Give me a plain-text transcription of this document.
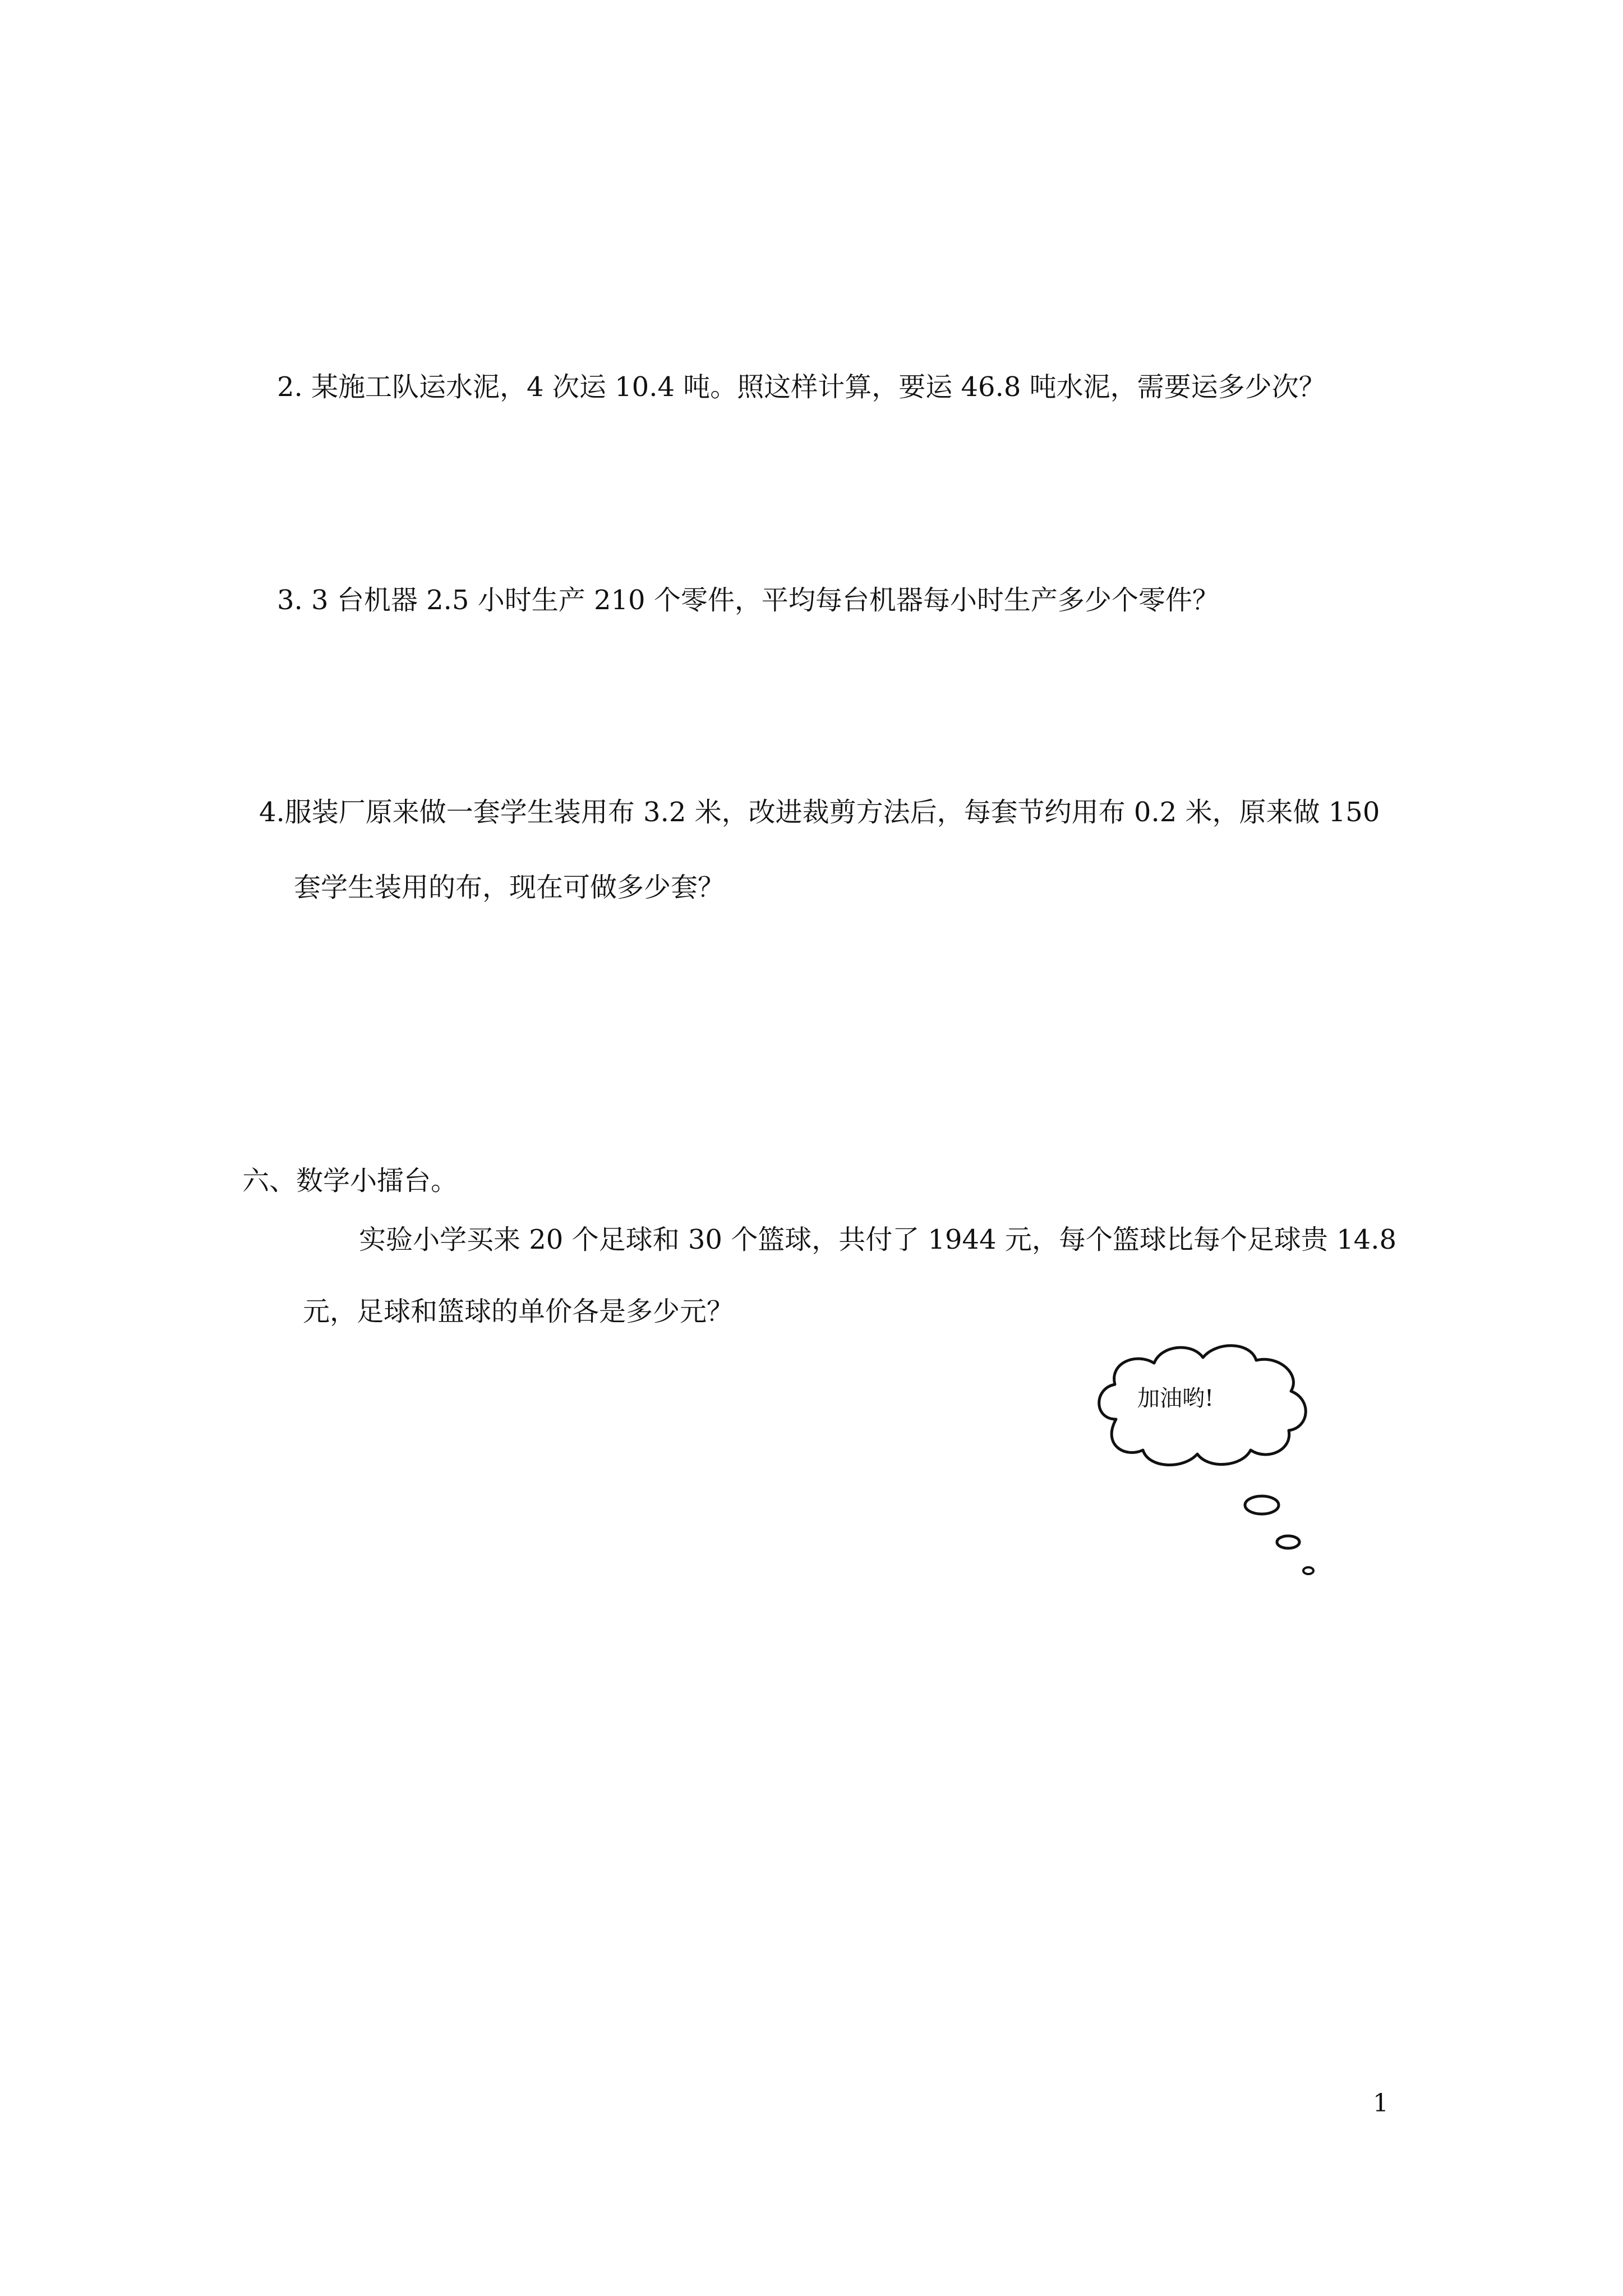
2. 某施工队运水泥，4 次运 10.4 吨。照这样计算，要运 46.8 吨水泥，需要运多少次？
3. 3 台机器 2.5 小时生产 210 个零件，平均每台机器每小时生产多少个零件？
4.服装厂原来做一套学生装用布 3.2 米，改进裁剪方法后，每套节约用布 0.2 米，原来做 150
套学生装用的布，现在可做多少套？
六、数学小擂台。
实验小学买来 20 个足球和 30 个篮球，共付了 1944 元，每个篮球比每个足球贵 14.8
元，足球和篮球的单价各是多少元？
加油哟!
1
